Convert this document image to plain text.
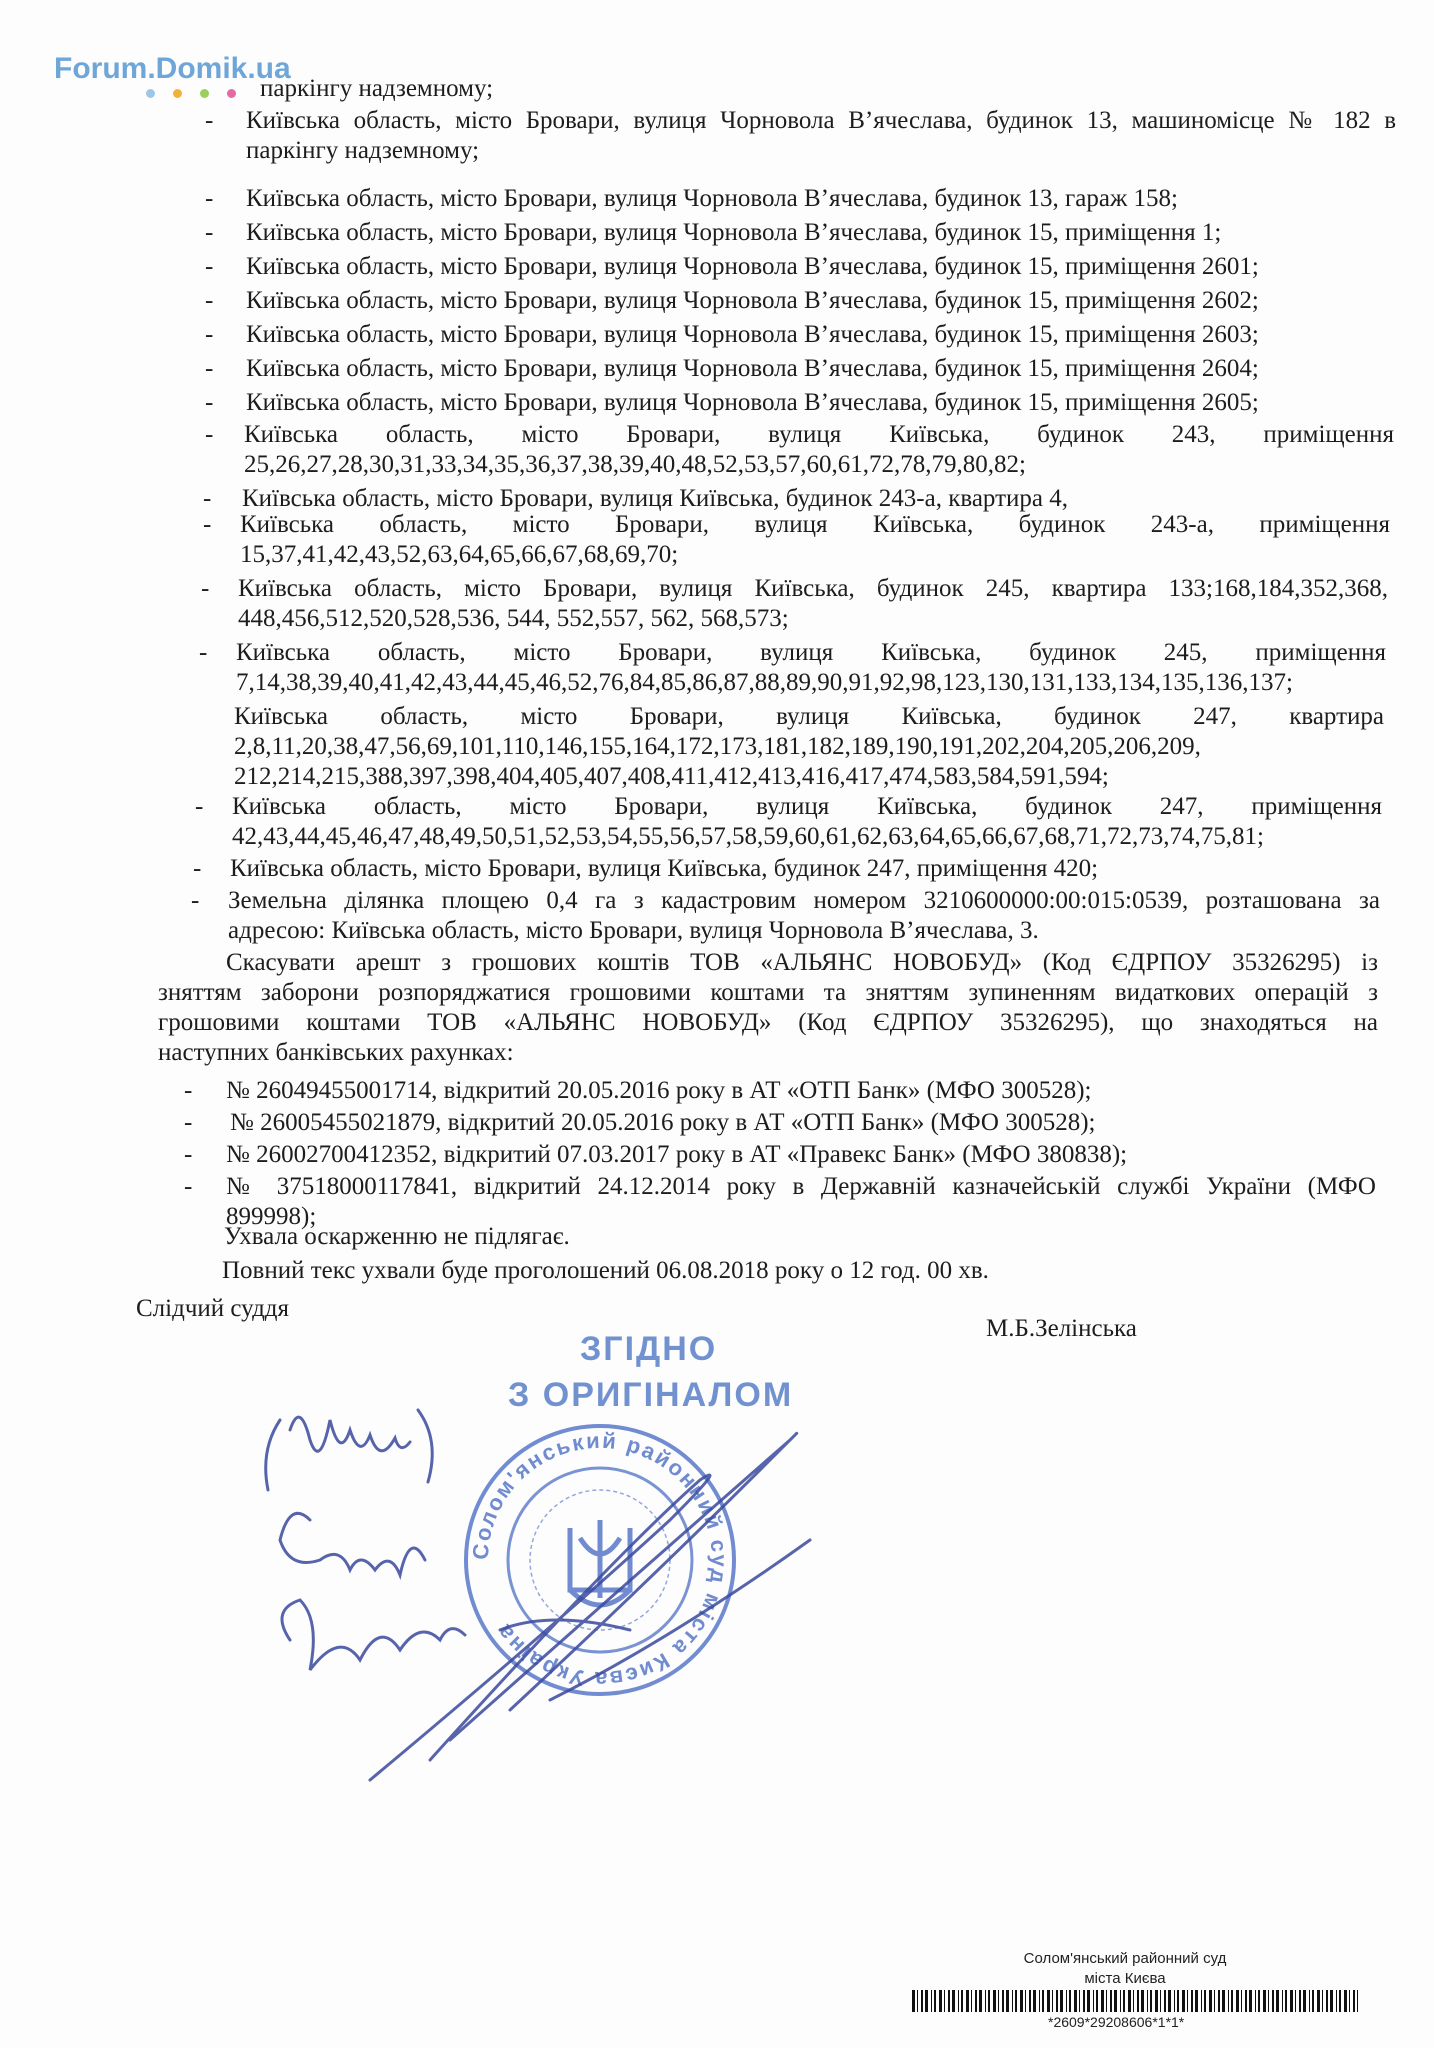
Forum.Domik.ua
паркінгу надземному;
- Київська область, місто Бровари, вулиця Чорновола В’ячеслава, будинок 13, машиномісце № 182 в
паркінгу надземному;
- Київська область, місто Бровари, вулиця Чорновола В’ячеслава, будинок 13, гараж 158;
- Київська область, місто Бровари, вулиця Чорновола В’ячеслава, будинок 15, приміщення 1;
- Київська область, місто Бровари, вулиця Чорновола В’ячеслава, будинок 15, приміщення 2601;
- Київська область, місто Бровари, вулиця Чорновола В’ячеслава, будинок 15, приміщення 2602;
- Київська область, місто Бровари, вулиця Чорновола В’ячеслава, будинок 15, приміщення 2603;
- Київська область, місто Бровари, вулиця Чорновола В’ячеслава, будинок 15, приміщення 2604;
- Київська область, місто Бровари, вулиця Чорновола В’ячеслава, будинок 15, приміщення 2605;
- Київська область, місто Бровари, вулиця Київська, будинок 243, приміщення
25,26,27,28,30,31,33,34,35,36,37,38,39,40,48,52,53,57,60,61,72,78,79,80,82;
- Київська область, місто Бровари, вулиця Київська, будинок 243-а, квартира 4,
- Київська область, місто Бровари, вулиця Київська, будинок 243-а, приміщення
15,37,41,42,43,52,63,64,65,66,67,68,69,70;
- Київська область, місто Бровари, вулиця Київська, будинок 245, квартира 133;168,184,352,368,
448,456,512,520,528,536, 544, 552,557, 562, 568,573;
- Київська область, місто Бровари, вулиця Київська, будинок 245, приміщення
7,14,38,39,40,41,42,43,44,45,46,52,76,84,85,86,87,88,89,90,91,92,98,123,130,131,133,134,135,136,137;
Київська область, місто Бровари, вулиця Київська, будинок 247, квартира
2,8,11,20,38,47,56,69,101,110,146,155,164,172,173,181,182,189,190,191,202,204,205,206,209,
212,214,215,388,397,398,404,405,407,408,411,412,413,416,417,474,583,584,591,594;
- Київська область, місто Бровари, вулиця Київська, будинок 247, приміщення
42,43,44,45,46,47,48,49,50,51,52,53,54,55,56,57,58,59,60,61,62,63,64,65,66,67,68,71,72,73,74,75,81;
- Київська область, місто Бровари, вулиця Київська, будинок 247, приміщення 420;
- Земельна ділянка площею 0,4 га з кадастровим номером 3210600000:00:015:0539, розташована за
адресою: Київська область, місто Бровари, вулиця Чорновола В’ячеслава, 3.
Скасувати арешт з грошових коштів ТОВ «АЛЬЯНС НОВОБУД» (Код ЄДРПОУ 35326295) із
зняттям заборони розпоряджатися грошовими коштами та зняттям зупиненням видаткових операцій з
грошовими коштами ТОВ «АЛЬЯНС НОВОБУД» (Код ЄДРПОУ 35326295), що знаходяться на
наступних банківських рахунках:
- № 26049455001714, відкритий 20.05.2016 року в АТ «ОТП Банк» (МФО 300528);
- № 26005455021879, відкритий 20.05.2016 року в АТ «ОТП Банк» (МФО 300528);
- № 26002700412352, відкритий 07.03.2017 року в АТ «Правекс Банк» (МФО 380838);
- № 37518000117841, відкритий 24.12.2014 року в Державній казначейській службі України (МФО
899998);
Ухвала оскарженню не підлягає.
Повний текс ухвали буде проголошений 06.08.2018 року о 12 год. 00 хв.
Слідчий суддя
М.Б.Зелінська
ЗГІДНО
З ОРИГІНАЛОМ
Солом'янський районний суд міста Києва Україна
Солом'янський районний суд
міста Києва
*2609*29208606*1*1*
